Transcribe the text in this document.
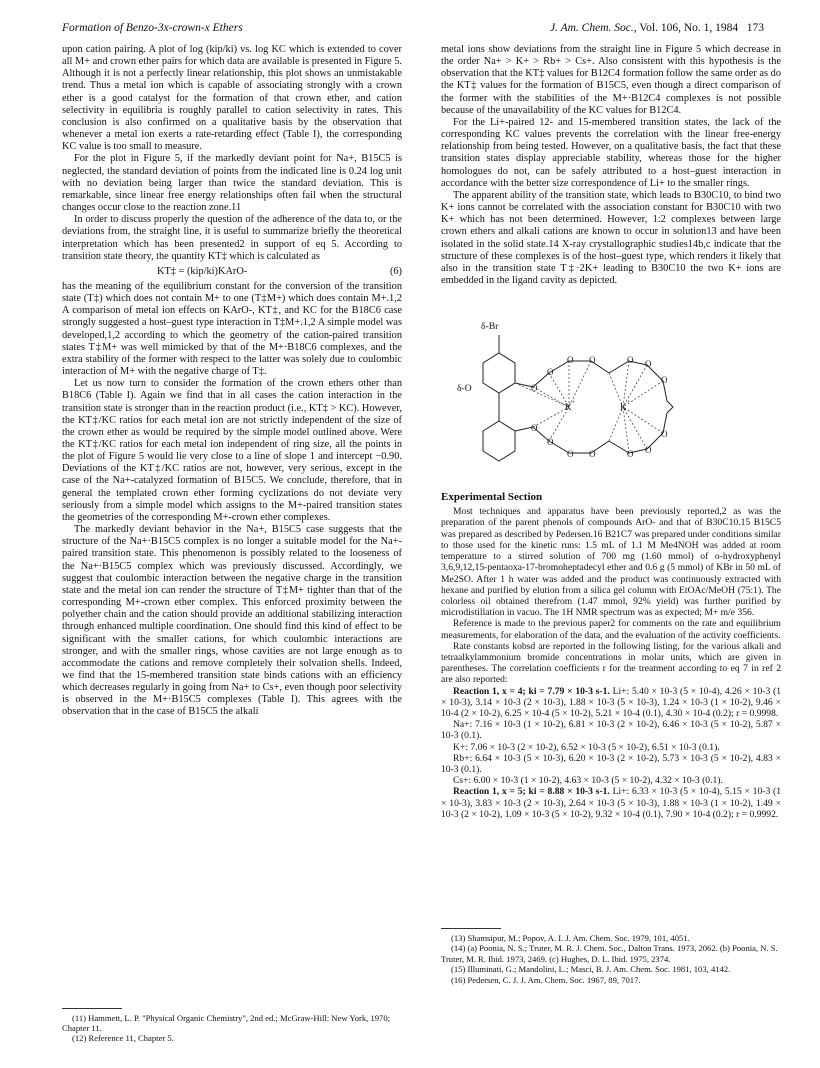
Formation of Benzo-3x-crown-x Ethers	J. Am. Chem. Soc., Vol. 106, No. 1, 1984 173

upon cation pairing. A plot of log (kip/ki) vs. log KC which is extended to cover all M+ and crown ether pairs for which data are available is presented in Figure 5. Although it is not a perfectly linear relationship, this plot shows an unmistakable trend. Thus a metal ion which is capable of associating strongly with a crown ether is a good catalyst for the formation of that crown ether, and cation selectivity in equilibria is roughly parallel to cation selectivity in rates. This conclusion is also confirmed on a qualitative basis by the observation that whenever a metal ion exerts a rate-retarding effect (Table I), the corresponding KC value is too small to measure.

For the plot in Figure 5, if the markedly deviant point for Na+, B15C5 is neglected, the standard deviation of points from the indicated line is 0.24 log unit with no deviation being larger than twice the standard deviation. This is remarkable, since linear free energy relationships often fail when the structural changes occur close to the reaction zone.11

In order to discuss properly the question of the adherence of the data to, or the deviations from, the straight line, it is useful to summarize briefly the theoretical interpretation which has been presented2 in support of eq 5. According to transition state theory, the quantity KT‡ which is calculated as

KT‡ = (kip/ki)KArO-	(6)

has the meaning of the equilibrium constant for the conversion of the transition state (T‡) which does not contain M+ to one (T‡M+) which does contain M+.1,2 A comparison of metal ion effects on KArO-, KT‡, and KC for the B18C6 case strongly suggested a host–guest type interaction in T‡M+.1,2 A simple model was developed,1,2 according to which the geometry of the cation-paired transition states T‡M+ was well mimicked by that of the M+·B18C6 complexes, and the extra stability of the former with respect to the latter was solely due to coulombic interaction of M+ with the negative charge of T‡.

Let us now turn to consider the formation of the crown ethers other than B18C6 (Table I). Again we find that in all cases the cation interaction in the transition state is stronger than in the reaction product (i.e., KT‡ > KC). However, the KT‡/KC ratios for each metal ion are not strictly independent of the size of the crown ether as would be required by the simple model outlined above. Were the KT‡/KC ratios for each metal ion independent of ring size, all the points in the plot of Figure 5 would lie very close to a line of slope 1 and intercept −0.90. Deviations of the KT‡/KC ratios are not, however, very serious, except in the case of the Na+-catalyzed formation of B15C5. We conclude, therefore, that in general the templated crown ether forming cyclizations do not deviate very seriously from a simple model which assigns to the M+-paired transition states the geometries of the corresponding M+-crown ether complexes.

The markedly deviant behavior in the Na+, B15C5 case suggests that the structure of the Na+·B15C5 complex is no longer a suitable model for the Na+-paired transition state. This phenomenon is possibly related to the looseness of the Na+·B15C5 complex which was previously discussed. Accordingly, we suggest that coulombic interaction between the negative charge in the transition state and the metal ion can render the structure of T‡M+ tighter than that of the corresponding M+-crown ether complex. This enforced proximity between the polyether chain and the cation should provide an additional stabilizing interaction through enhanced multiple coordination. One should find this kind of effect to be significant with the smaller cations, for which coulombic interactions are stronger, and with the smaller rings, whose cavities are not large enough as to accommodate the cations and remove completely their solvation shells. Indeed, we find that the 15-membered transition state binds cations with an efficiency which decreases regularly in going from Na+ to Cs+, even though poor selectivity is observed in the M+·B15C5 complexes (Table I). This agrees with the observation that in the case of B15C5 the alkali

(11) Hammett, L. P. "Physical Organic Chemistry", 2nd ed.; McGraw-Hill: New York, 1970; Chapter 11.

(12) Reference 11, Chapter 5.

metal ions show deviations from the straight line in Figure 5 which decrease in the order Na+ > K+ > Rb+ > Cs+. Also consistent with this hypothesis is the observation that the KT‡ values for B12C4 formation follow the same order as do the KT‡ values for the formation of B15C5, even though a direct comparison of the former with the stabilities of the M+·B12C4 complexes is not possible because of the unavailability of the KC values for B12C4.

For the Li+-paired 12- and 15-membered transition states, the lack of the corresponding KC values prevents the correlation with the linear free-energy relationship from being tested. However, on a qualitative basis, the fact that these transition states display appreciable stability, whereas those for the higher homologues do not, can be safely attributed to a host–guest interaction in accordance with the better size correspondence of Li+ to the smaller rings.

The apparent ability of the transition state, which leads to B30C10, to bind two K+ ions cannot be correlated with the association constant for B30C10 with two K+ which has not been determined. However, 1:2 complexes between large crown ethers and alkali cations are known to occur in solution13 and have been isolated in the solid state.14 X-ray crystallographic studies14b,c indicate that the structure of these complexes is of the host–guest type, which renders it likely that also in the transition state T‡·2K+ leading to B30C10 the two K+ ions are embedded in the ligand cavity as depicted.

O
O
O O
O
O
O O
O O
O
O O
O
K	K
+	+
δ-Br
δ-O
Experimental Section

Most techniques and apparatus have been previously reported,2 as was the preparation of the parent phenols of compounds ArO- and that of B30C10.15 B15C5 was prepared as described by Pedersen.16 B21C7 was prepared under conditions similar to those used for the kinetic runs: 1.5 mL of 1.1 M Me4NOH was added at room temperature to a stirred solution of 700 mg (1.60 mmol) of o-hydroxyphenyl 3,6,9,12,15-pentaoxa-17-bromoheptadecyl ether and 0.6 g (5 mmol) of KBr in 50 mL of Me2SO. After 1 h water was added and the product was continuously extracted with hexane and purified by elution from a silica gel column with EtOAc/MeOH (75:1). The colorless oil obtained therefrom (1.47 mmol, 92% yield) was further purified by microdistillation in vacuo. The 1H NMR spectrum was as expected; M+ m/e 356.

Reference is made to the previous paper2 for comments on the rate and equilibrium measurements, for elaboration of the data, and the evaluation of the activity coefficients.

Rate constants kobsd are reported in the following listing, for the various alkali and tetraalkylammonium bromide concentrations in molar units, which are given in parentheses. The correlation coefficients r for the treatment according to eq 7 in ref 2 are also reported:

Reaction 1, x = 4; ki = 7.79 × 10-3 s-1. Li+: 5.40 × 10-3 (5 × 10-4), 4.26 × 10-3 (1 × 10-3), 3.14 × 10-3 (2 × 10-3), 1.88 × 10-3 (5 × 10-3), 1.24 × 10-3 (1 × 10-2), 9.46 × 10-4 (2 × 10-2), 6.25 × 10-4 (5 × 10-2), 5.21 × 10-4 (0.1), 4.30 × 10-4 (0.2); r = 0.9998.

Na+: 7.16 × 10-3 (1 × 10-2), 6.81 × 10-3 (2 × 10-2), 6.46 × 10-3 (5 × 10-2), 5.87 × 10-3 (0.1).

K+: 7.06 × 10-3 (2 × 10-2), 6.52 × 10-3 (5 × 10-2), 6.51 × 10-3 (0.1).

Rb+: 6.64 × 10-3 (5 × 10-3), 6.20 × 10-3 (2 × 10-2), 5.73 × 10-3 (5 × 10-2), 4.83 × 10-3 (0.1).

Cs+: 6.00 × 10-3 (1 × 10-2), 4.63 × 10-3 (5 × 10-2), 4.32 × 10-3 (0.1).

Reaction 1, x = 5; ki = 8.88 × 10-3 s-1. Li+: 6.33 × 10-3 (5 × 10-4), 5.15 × 10-3 (1 × 10-3), 3.83 × 10-3 (2 × 10-3), 2.64 × 10-3 (5 × 10-3), 1.88 × 10-3 (1 × 10-2), 1.49 × 10-3 (2 × 10-2), 1.09 × 10-3 (5 × 10-2), 9.32 × 10-4 (0.1), 7.90 × 10-4 (0.2); r = 0.9992.

(13) Shamsipur, M.; Popov, A. I. J. Am. Chem. Soc. 1979, 101, 4051.

(14) (a) Poonia, N. S.; Truter, M. R. J. Chem. Soc., Dalton Trans. 1973, 2062. (b) Poonia, N. S. Truter, M. R. Ibid. 1973, 2469. (c) Hughes, D. L. Ibid. 1975, 2374.

(15) Illuminati, G.; Mandolini, L.; Masci, B. J. Am. Chem. Soc. 1981, 103, 4142.

(16) Pedersen, C. J. J. Am. Chem. Soc. 1967, 89, 7017.
